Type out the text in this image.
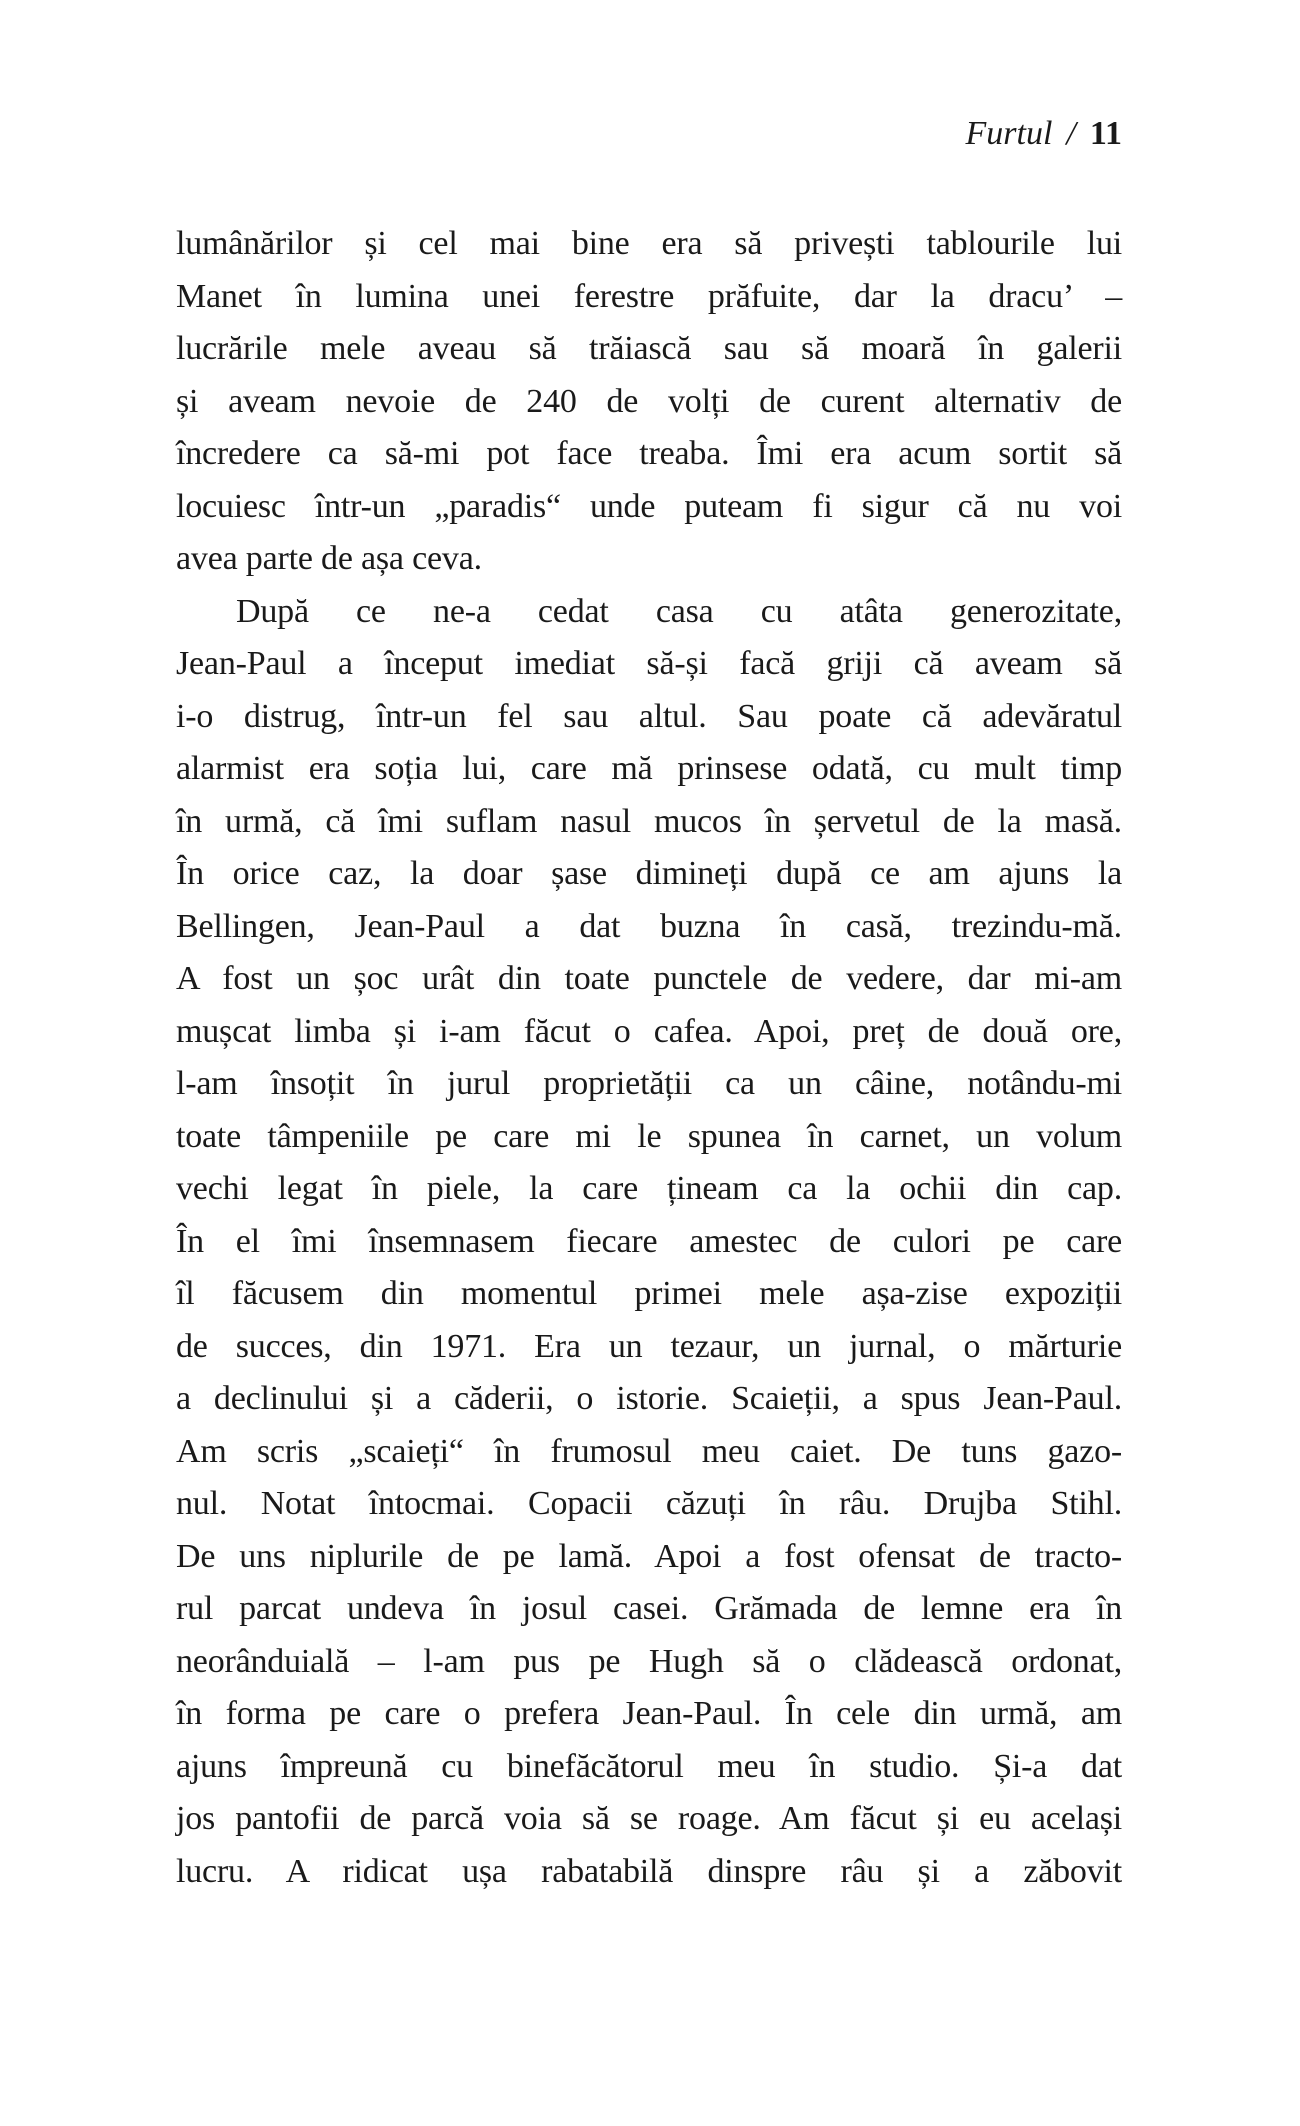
Furtul / 11
lumânărilor și cel mai bine era să privești tablourile lui
Manet în lumina unei ferestre prăfuite, dar la dracu’ –
lucrările mele aveau să trăiască sau să moară în galerii
și aveam nevoie de 240 de volți de curent alternativ de
încredere ca să-mi pot face treaba. Îmi era acum sortit să
locuiesc într-un „paradis“ unde puteam fi sigur că nu voi
avea parte de așa ceva.
După ce ne-a cedat casa cu atâta generozitate,
Jean-Paul a început imediat să-și facă griji că aveam să
i-o distrug, într-un fel sau altul. Sau poate că adevăratul
alarmist era soția lui, care mă prinsese odată, cu mult timp
în urmă, că îmi suflam nasul mucos în șervetul de la masă.
În orice caz, la doar șase dimineți după ce am ajuns la
Bellingen, Jean-Paul a dat buzna în casă, trezindu-mă.
A fost un șoc urât din toate punctele de vedere, dar mi-am
mușcat limba și i-am făcut o cafea. Apoi, preț de două ore,
l-am însoțit în jurul proprietății ca un câine, notându-mi
toate tâmpeniile pe care mi le spunea în carnet, un volum
vechi legat în piele, la care țineam ca la ochii din cap.
În el îmi însemnasem fiecare amestec de culori pe care
îl făcusem din momentul primei mele așa-zise expoziții
de succes, din 1971. Era un tezaur, un jurnal, o mărturie
a declinului și a căderii, o istorie. Scaieții, a spus Jean-Paul.
Am scris „scaieți“ în frumosul meu caiet. De tuns gazo-
nul. Notat întocmai. Copacii căzuți în râu. Drujba Stihl.
De uns niplurile de pe lamă. Apoi a fost ofensat de tracto-
rul parcat undeva în josul casei. Grămada de lemne era în
neorânduială – l-am pus pe Hugh să o clădească ordonat,
în forma pe care o prefera Jean-Paul. În cele din urmă, am
ajuns împreună cu binefăcătorul meu în studio. Și-a dat
jos pantofii de parcă voia să se roage. Am făcut și eu același
lucru. A ridicat ușa rabatabilă dinspre râu și a zăbovit
